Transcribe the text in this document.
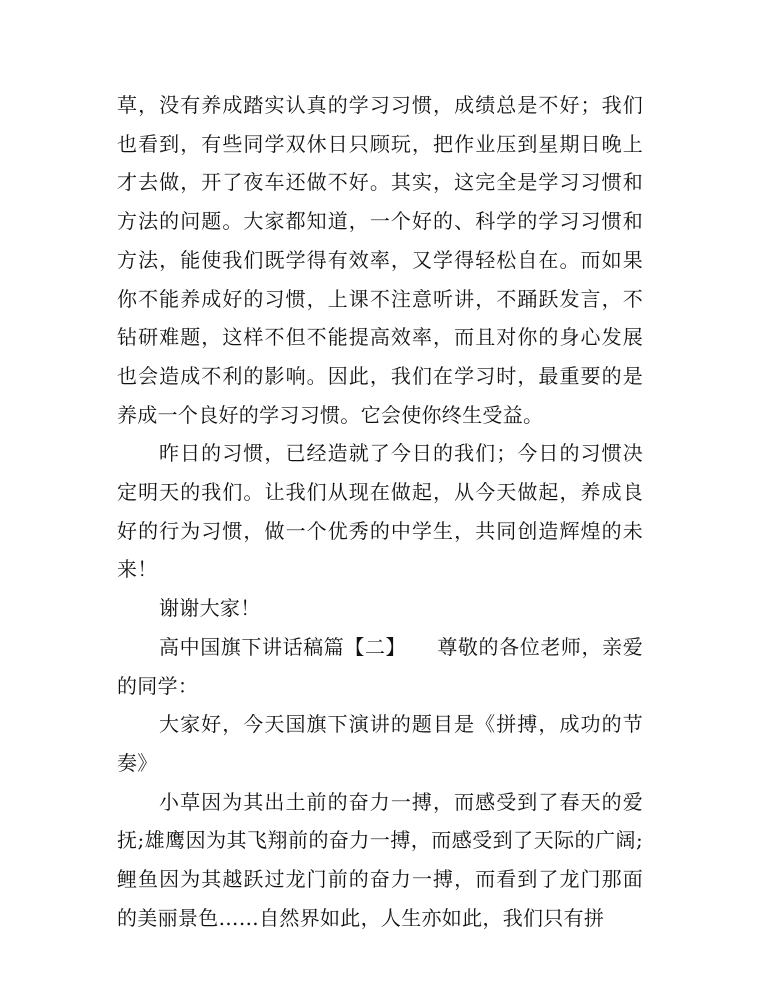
草，没有养成踏实认真的学习习惯，成绩总是不好；我们也看到，有些同学双休日只顾玩，把作业压到星期日晚上才去做，开了夜车还做不好。其实，这完全是学习习惯和方法的问题。大家都知道，一个好的、科学的学习习惯和方法，能使我们既学得有效率，又学得轻松自在。而如果你不能养成好的习惯，上课不注意听讲，不踊跃发言，不钻研难题，这样不但不能提高效率，而且对你的身心发展也会造成不利的影响。因此，我们在学习时，最重要的是养成一个良好的学习习惯。它会使你终生受益。

昨日的习惯，已经造就了今日的我们；今日的习惯决定明天的我们。让我们从现在做起，从今天做起，养成良好的行为习惯，做一个优秀的中学生，共同创造辉煌的未来！

谢谢大家！

高中国旗下讲话稿篇【二】　　尊敬的各位老师，亲爱的同学：

大家好，今天国旗下演讲的题目是《拼搏，成功的节奏》

小草因为其出土前的奋力一搏，而感受到了春天的爱抚;雄鹰因为其飞翔前的奋力一搏，而感受到了天际的广阔;鲤鱼因为其越跃过龙门前的奋力一搏，而看到了龙门那面的美丽景色……自然界如此，人生亦如此，我们只有拼
